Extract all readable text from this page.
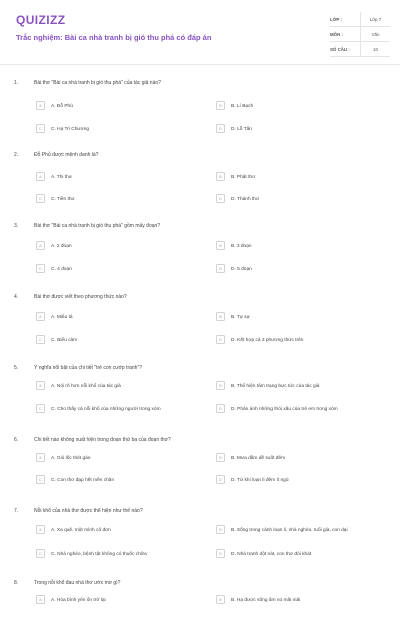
QUIZIZZ
Trắc nghiệm: Bài ca nhà tranh bị gió thu phá có đáp án
LỚP :	Lớp 7
MÔN :	Văn
SỐ CÂU :	10
1.	Bài thơ "Bài ca nhà tranh bị gió thu phá" của tác giả nào?
A	A. Đỗ Phủ	B	B. Lí Bạch
C	C. Hạ Tri Chương	D	D. Lỗ Tấn
2.	Đỗ Phủ được mệnh danh là?
A	A. Thi thư	B	B. Phật thơ
C	C. Tiên thơ	D	D. Thánh thơ
3.	Bài thơ "Bài ca nhà tranh bị gió thu phá" gồm mấy đoạn?
A	A. 2 đoạn	B	B. 3 đoạn
C	C. 4 đoạn	D	D. 5 đoạn
4.	Bài thơ được viết theo phương thức nào?
A	A. Miêu tả	B	B. Tự sự
C	C. Biểu cảm	D	D. Kết hợp cả 3 phương thức trên
5.	Ý nghĩa nổi bật của chi tiết "trẻ con cướp tranh"?
A	A. Nói rõ hơn nỗi khổ của tác giả	B	B. Thể hiện tâm trạng bực tức của tác giả
C	C. Cho thấy cả nỗi khổ của những người trong xóm	D	D. Phản ánh những thói xấu của trẻ em trong xóm
6.	Chi tiết nào không xuất hiện trong đoạn thứ ba của đoạn thơ?
A	A. Gió lốc thét gào	B	B. Mưa dầm dề suốt đêm
C	C. Con thơ đạp hết mền chăn	D	D. Từ khi loạn li đêm ít ngủ
7.	Nỗi khổ của nhà thơ được thể hiện như thế nào?
A	A. Xa quê, một mình cô đơn	B	B. Sống trong cảnh loạn li, nhà nghèo, tuổi già, con dại
C	C. Nhà nghèo, bệnh tật không có thuốc chữa	D	D. Nhà tranh dột nát, con thơ đói khát
8.	Trong nỗi khổ đau nhà thơ ước mơ gì?
A	A. Hòa bình yên ổn trở lại	B	B. Hạ được sống ấm no mãi mãi
